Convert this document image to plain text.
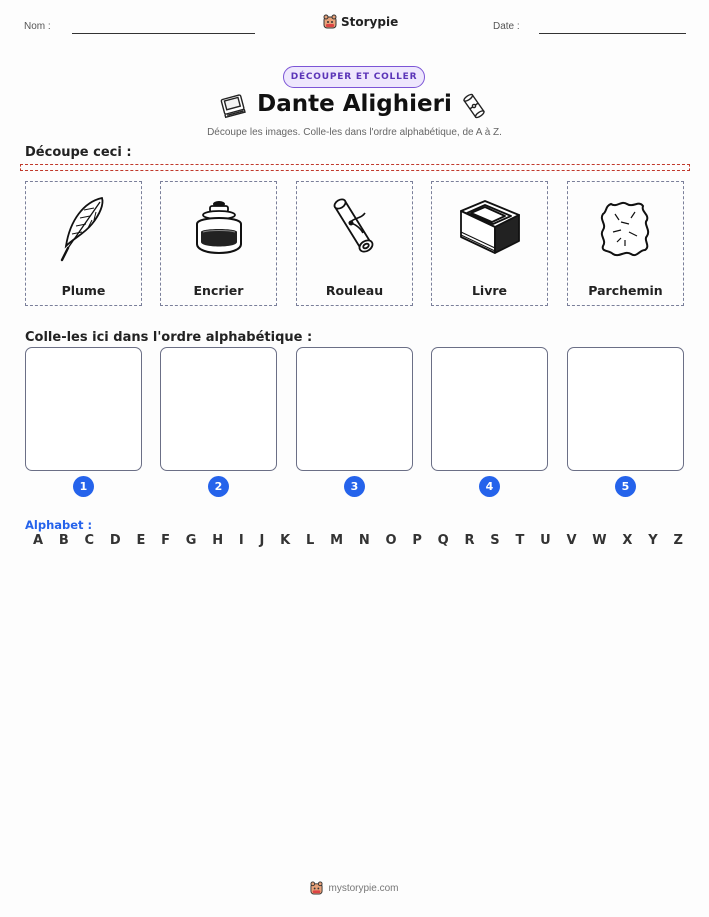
Nom :	Storypie	Date :
DÉCOUPER ET COLLER
Dante Alighieri
Découpe les images. Colle-les dans l'ordre alphabétique, de A à Z.
Découpe ceci :
Plume	Encrier	Rouleau	Livre	Parchemin
Colle-les ici dans l'ordre alphabétique :
1	2	3	4	5
Alphabet :
A B C D E F G H I J K L M N O P Q R S T U V W X Y Z
mystorypie.com
